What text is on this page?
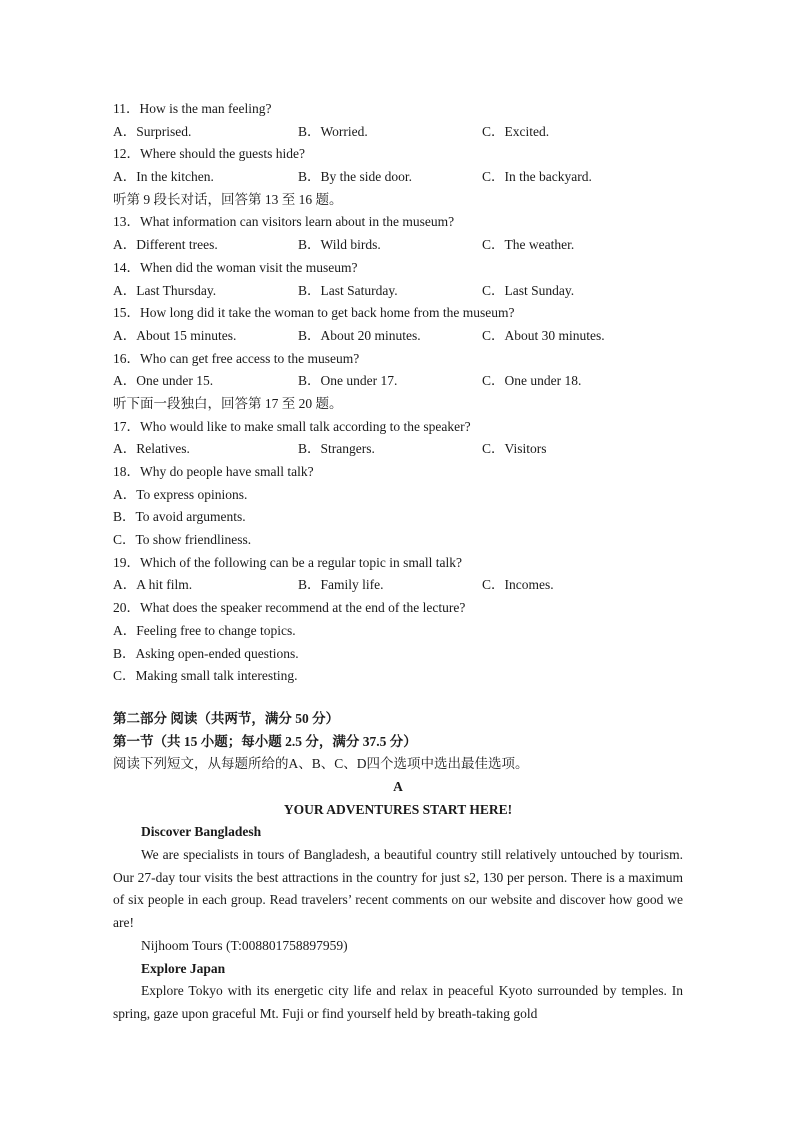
11．How is the man feeling?
A．Surprised.	B．Worried.	C．Excited.
12．Where should the guests hide?
A．In the kitchen.	B．By the side door.	C．In the backyard.
听第 9 段长对话，回答第 13 至 16 题。
13．What information can visitors learn about in the museum?
A．Different trees.	B．Wild birds.	C．The weather.
14．When did the woman visit the museum?
A．Last Thursday.	B．Last Saturday.	C．Last Sunday.
15．How long did it take the woman to get back home from the museum?
A．About 15 minutes.	B．About 20 minutes.	C．About 30 minutes.
16．Who can get free access to the museum?
A．One under 15.	B．One under 17.	C．One under 18.
听下面一段独白，回答第 17 至 20 题。
17．Who would like to make small talk according to the speaker?
A．Relatives.	B．Strangers.	C．Visitors
18．Why do people have small talk?
A．To express opinions.
B．To avoid arguments.
C．To show friendliness.
19．Which of the following can be a regular topic in small talk?
A．A hit film.	B．Family life.	C．Incomes.
20．What does the speaker recommend at the end of the lecture?
A．Feeling free to change topics.
B．Asking open-ended questions.
C．Making small talk interesting.
第二部分 阅读（共两节，满分 50 分）
第一节（共 15 小题；每小题 2.5 分，满分 37.5 分）
阅读下列短文，从每题所给的A、B、C、D四个选项中选出最佳选项。
A
YOUR ADVENTURES START HERE!
Discover Bangladesh
We are specialists in tours of Bangladesh, a beautiful country still relatively untouched by tourism. Our 27-day tour visits the best attractions in the country for just s2, 130 per person. There is a maximum of six people in each group. Read travelers’ recent comments on our website and discover how good we are!
Nijhoom Tours (T:008801758897959)
Explore Japan
Explore Tokyo with its energetic city life and relax in peaceful Kyoto surrounded by temples. In spring, gaze upon graceful Mt. Fuji or find yourself held by breath-taking gold
